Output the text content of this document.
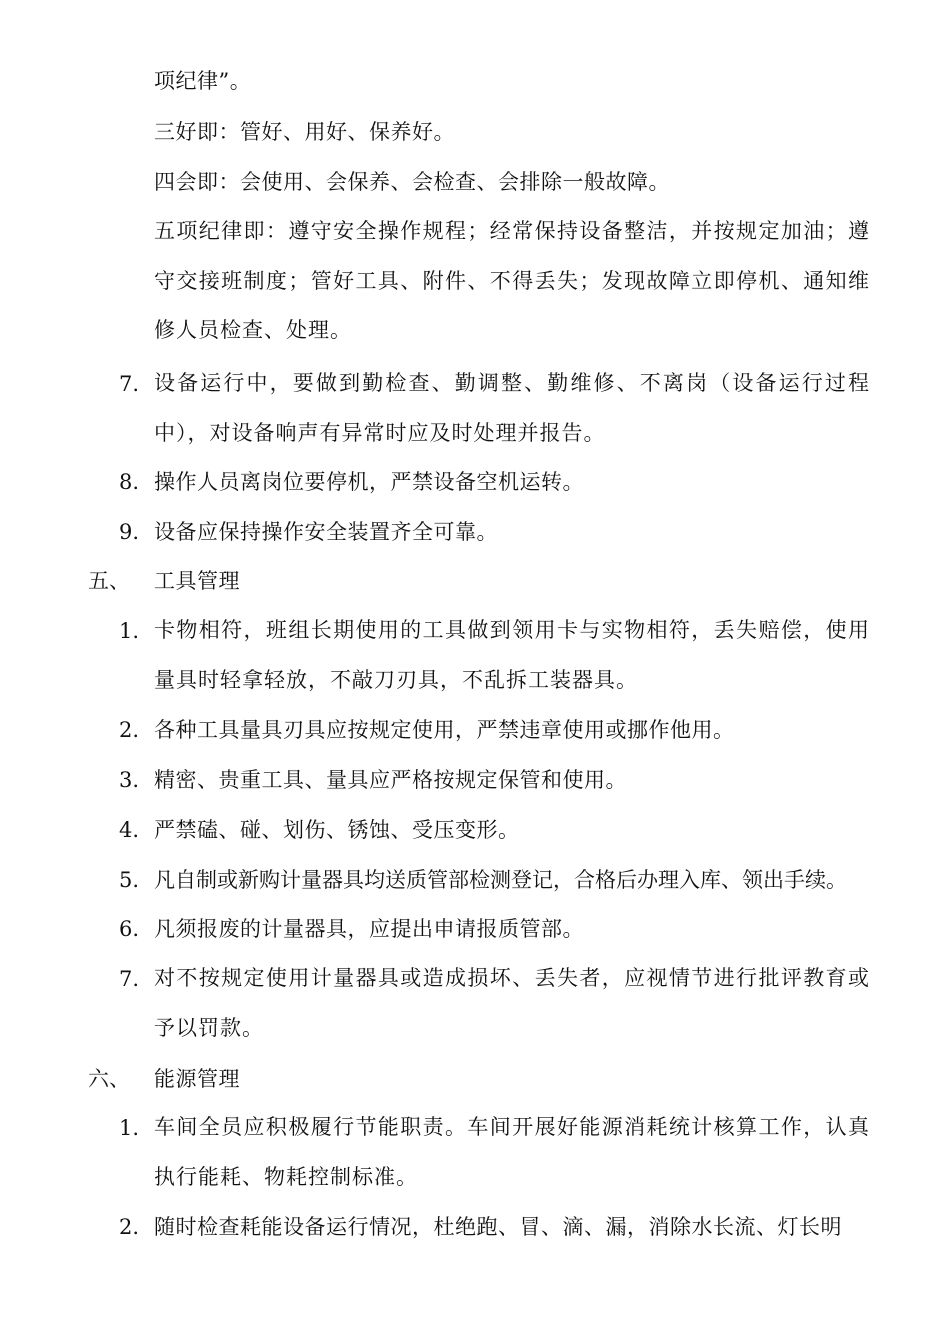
项纪律”。
三好即：管好、用好、保养好。
四会即：会使用、会保养、会检查、会排除一般故障。
五项纪律即：遵守安全操作规程；经常保持设备整洁，并按规定加油；遵守交接班制度；管好工具、附件、不得丢失；发现故障立即停机、通知维修人员检查、处理。
7. 设备运行中，要做到勤检查、勤调整、勤维修、不离岗（设备运行过程中），对设备响声有异常时应及时处理并报告。
8. 操作人员离岗位要停机，严禁设备空机运转。
9. 设备应保持操作安全装置齐全可靠。
五、 工具管理
1. 卡物相符，班组长期使用的工具做到领用卡与实物相符，丢失赔偿，使用量具时轻拿轻放，不敲刀刃具，不乱拆工装器具。
2. 各种工具量具刃具应按规定使用，严禁违章使用或挪作他用。
3. 精密、贵重工具、量具应严格按规定保管和使用。
4. 严禁磕、碰、划伤、锈蚀、受压变形。
5. 凡自制或新购计量器具均送质管部检测登记，合格后办理入库、领出手续。
6. 凡须报废的计量器具，应提出申请报质管部。
7. 对不按规定使用计量器具或造成损坏、丢失者，应视情节进行批评教育或予以罚款。
六、 能源管理
1. 车间全员应积极履行节能职责。车间开展好能源消耗统计核算工作，认真执行能耗、物耗控制标准。
2. 随时检查耗能设备运行情况，杜绝跑、冒、滴、漏，消除水长流、灯长明
